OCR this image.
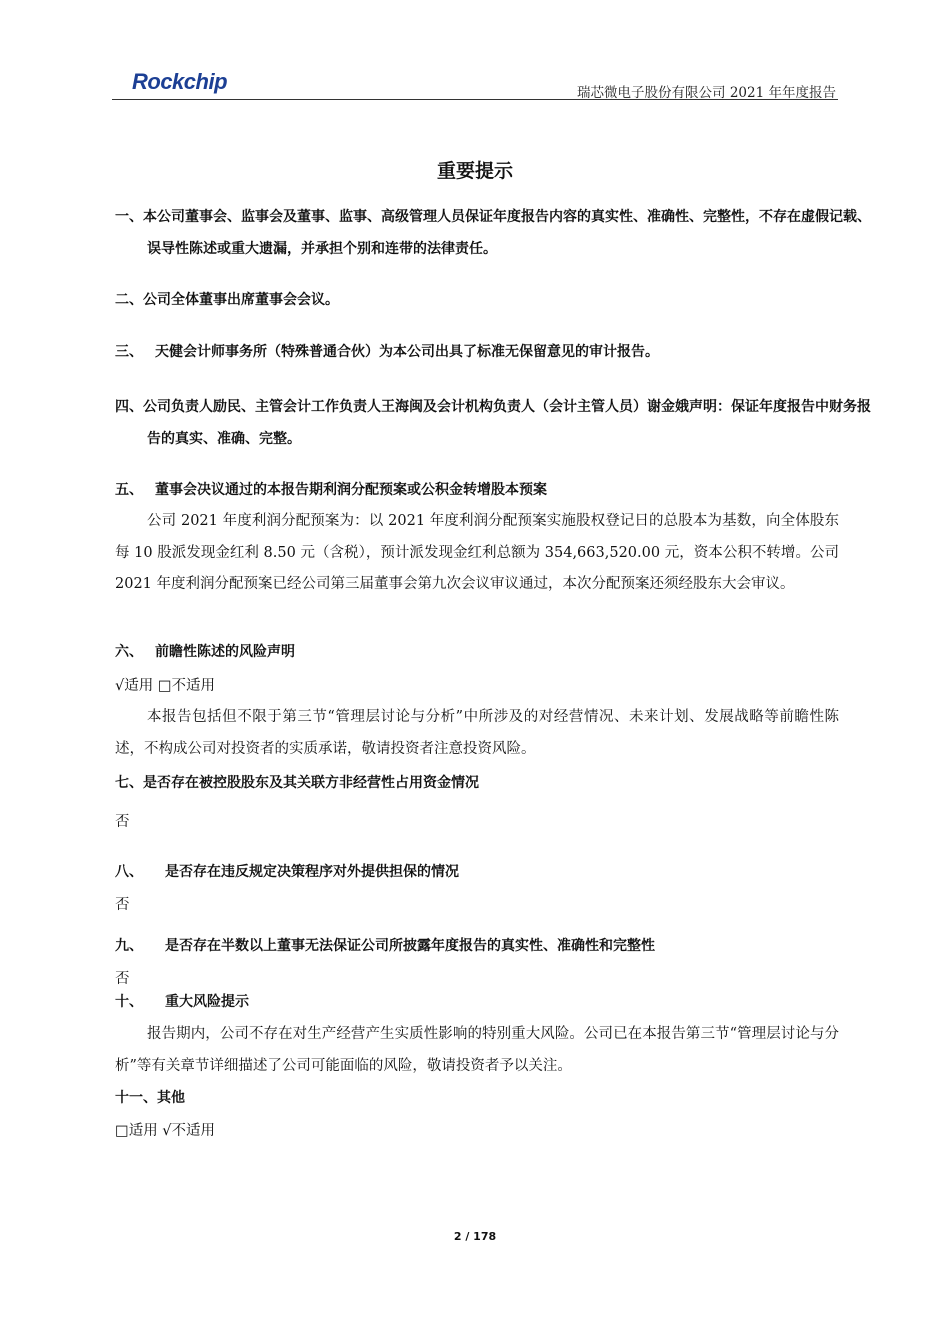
Rockchip	瑞芯微电子股份有限公司 2021 年年度报告
重要提示
一、本公司董事会、监事会及董事、监事、高级管理人员保证年度报告内容的真实性、准确性、完整性，不存在虚假记载、误导性陈述或重大遗漏，并承担个别和连带的法律责任。
二、公司全体董事出席董事会会议。
三、 天健会计师事务所（特殊普通合伙）为本公司出具了标准无保留意见的审计报告。
四、公司负责人励民、主管会计工作负责人王海闽及会计机构负责人（会计主管人员）谢金娥声明：保证年度报告中财务报告的真实、准确、完整。
五、 董事会决议通过的本报告期利润分配预案或公积金转增股本预案
公司 2021 年度利润分配预案为：以 2021 年度利润分配预案实施股权登记日的总股本为基数，向全体股东每 10 股派发现金红利 8.50 元（含税），预计派发现金红利总额为 354,663,520.00 元，资本公积不转增。公司 2021 年度利润分配预案已经公司第三届董事会第九次会议审议通过，本次分配预案还须经股东大会审议。
六、 前瞻性陈述的风险声明
√适用 □不适用
本报告包括但不限于第三节“管理层讨论与分析”中所涉及的对经营情况、未来计划、发展战略等前瞻性陈述，不构成公司对投资者的实质承诺，敬请投资者注意投资风险。
七、是否存在被控股股东及其关联方非经营性占用资金情况
否
八、 是否存在违反规定决策程序对外提供担保的情况
否
九、 是否存在半数以上董事无法保证公司所披露年度报告的真实性、准确性和完整性
否
十、 重大风险提示
报告期内，公司不存在对生产经营产生实质性影响的特别重大风险。公司已在本报告第三节“管理层讨论与分析”等有关章节详细描述了公司可能面临的风险，敬请投资者予以关注。
十一、其他
□适用 √不适用
2 / 178
